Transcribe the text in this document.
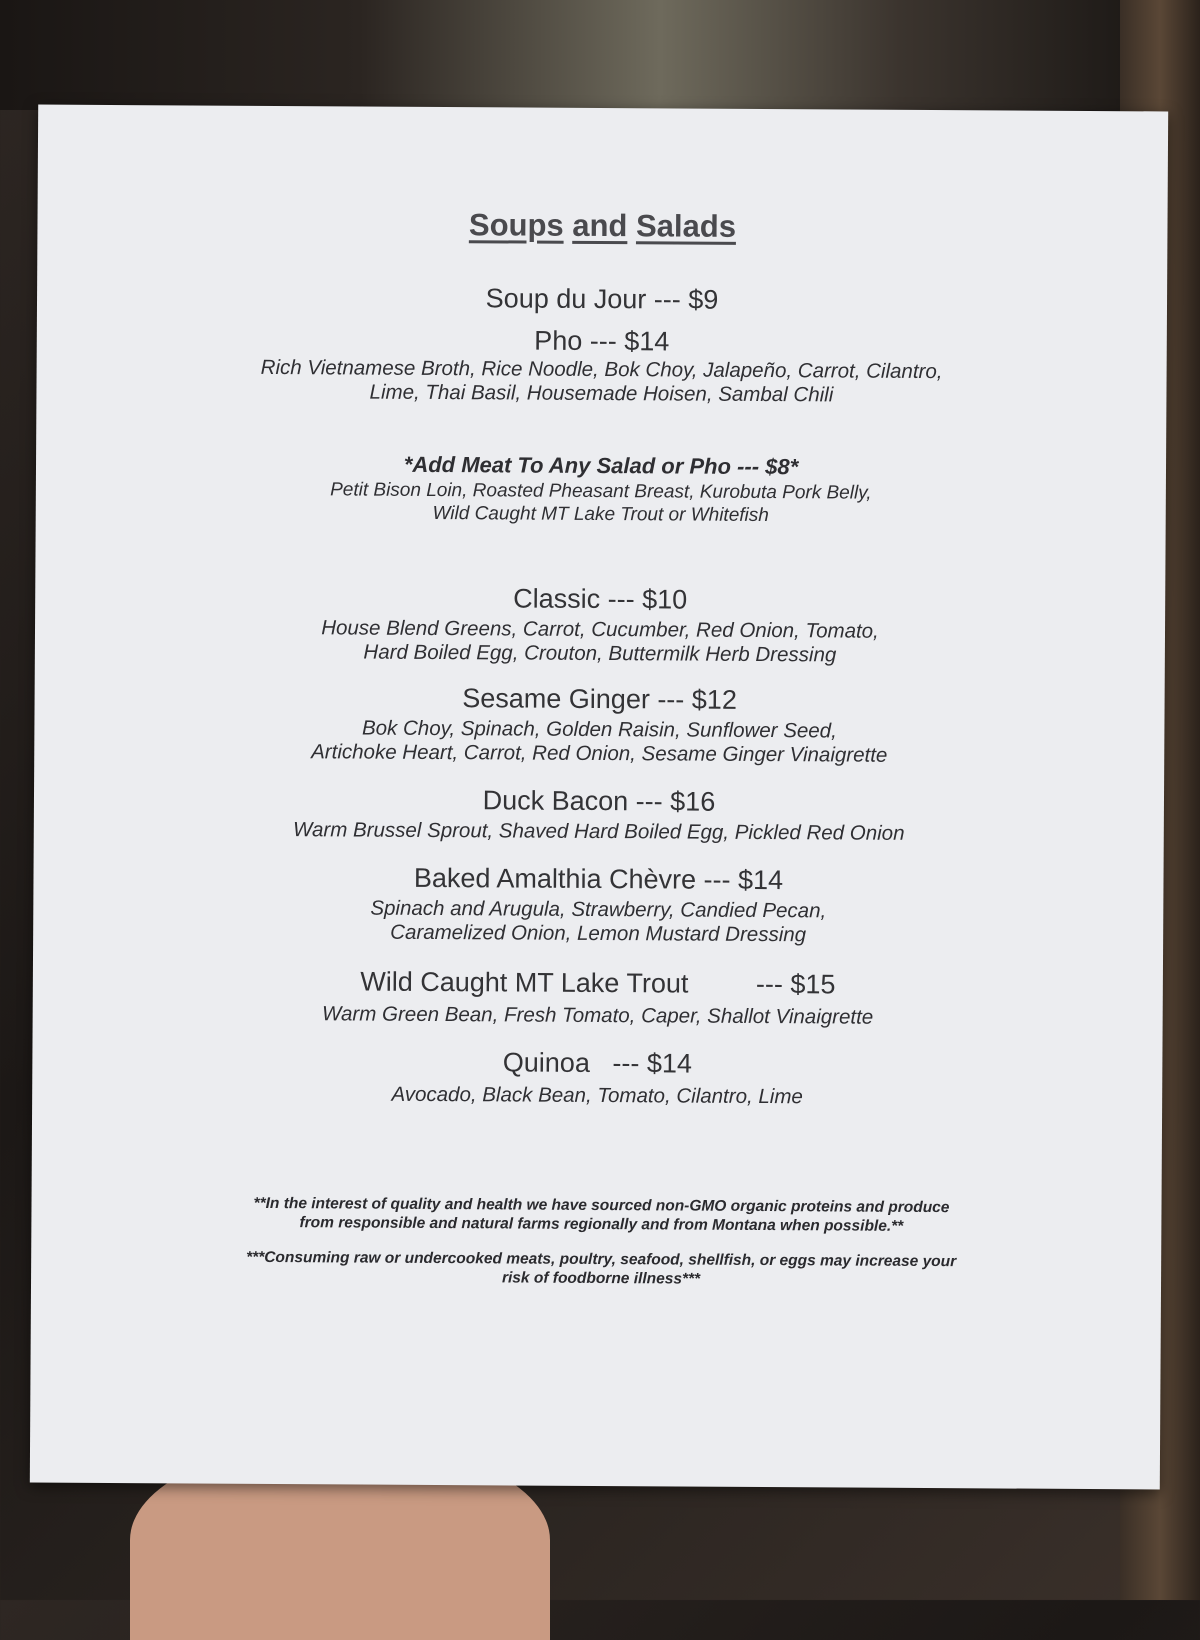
Soups and Salads
Soup du Jour --- $9
Pho --- $14
Rich Vietnamese Broth, Rice Noodle, Bok Choy, Jalapeño, Carrot, Cilantro,
Lime, Thai Basil, Housemade Hoisen, Sambal Chili
*Add Meat To Any Salad or Pho --- $8*
Petit Bison Loin, Roasted Pheasant Breast, Kurobuta Pork Belly,
Wild Caught MT Lake Trout or Whitefish
Classic --- $10
House Blend Greens, Carrot, Cucumber, Red Onion, Tomato,
Hard Boiled Egg, Crouton, Buttermilk Herb Dressing
Sesame Ginger --- $12
Bok Choy, Spinach, Golden Raisin, Sunflower Seed,
Artichoke Heart, Carrot, Red Onion, Sesame Ginger Vinaigrette
Duck Bacon --- $16
Warm Brussel Sprout, Shaved Hard Boiled Egg, Pickled Red Onion
Baked Amalthia Chèvre --- $14
Spinach and Arugula, Strawberry, Candied Pecan,
Caramelized Onion, Lemon Mustard Dressing
Wild Caught MT Lake Trout         --- $15
Warm Green Bean, Fresh Tomato, Caper, Shallot Vinaigrette
Quinoa   --- $14
Avocado, Black Bean, Tomato, Cilantro, Lime
**In the interest of quality and health we have sourced non-GMO organic proteins and produce
from responsible and natural farms regionally and from Montana when possible.**
***Consuming raw or undercooked meats, poultry, seafood, shellfish, or eggs may increase your
risk of foodborne illness***
